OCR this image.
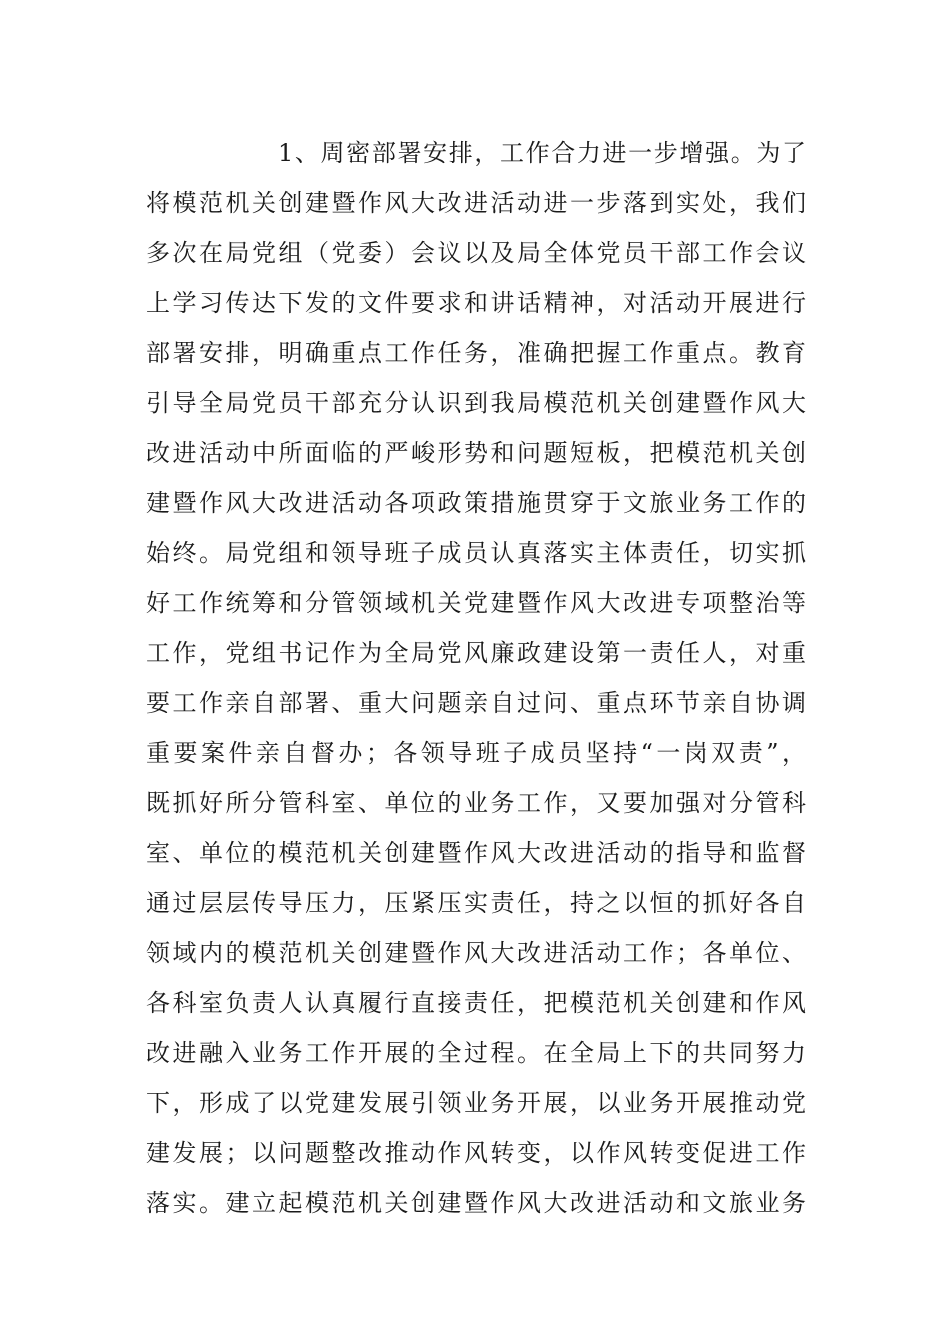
1、周密部署安排，工作合力进一步增强。为了
将模范机关创建暨作风大改进活动进一步落到实处，我们
多次在局党组（党委）会议以及局全体党员干部工作会议
上学习传达下发的文件要求和讲话精神，对活动开展进行
部署安排，明确重点工作任务，准确把握工作重点。教育
引导全局党员干部充分认识到我局模范机关创建暨作风大
改进活动中所面临的严峻形势和问题短板，把模范机关创
建暨作风大改进活动各项政策措施贯穿于文旅业务工作的
始终。局党组和领导班子成员认真落实主体责任，切实抓
好工作统筹和分管领域机关党建暨作风大改进专项整治等
工作，党组书记作为全局党风廉政建设第一责任人，对重
要工作亲自部署、重大问题亲自过问、重点环节亲自协调
重要案件亲自督办；各领导班子成员坚持“一岗双责”，
既抓好所分管科室、单位的业务工作，又要加强对分管科
室、单位的模范机关创建暨作风大改进活动的指导和监督
通过层层传导压力，压紧压实责任，持之以恒的抓好各自
领域内的模范机关创建暨作风大改进活动工作；各单位、
各科室负责人认真履行直接责任，把模范机关创建和作风
改进融入业务工作开展的全过程。在全局上下的共同努力
下，形成了以党建发展引领业务开展，以业务开展推动党
建发展；以问题整改推动作风转变，以作风转变促进工作
落实。建立起模范机关创建暨作风大改进活动和文旅业务
